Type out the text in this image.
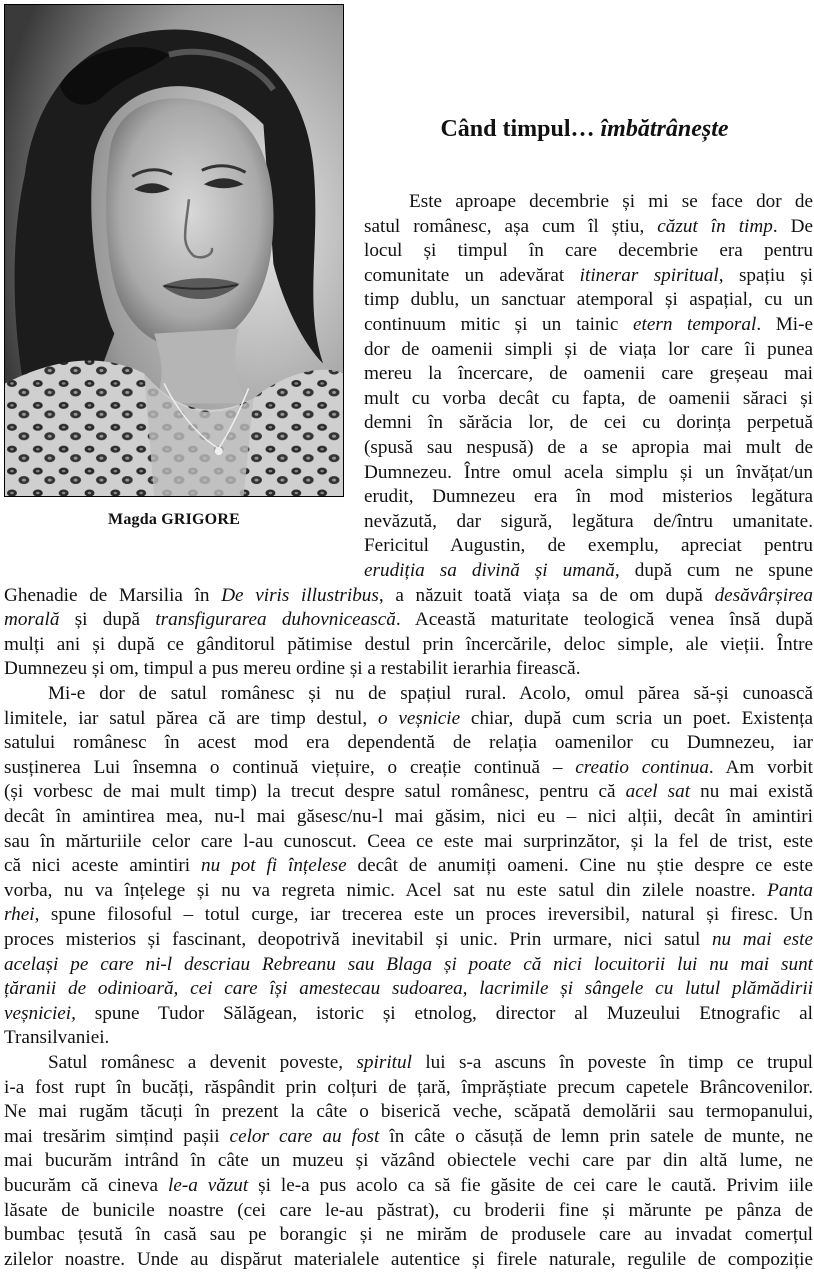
Magda GRIGORE
Când timpul… îmbătrânește
Este aproape decembrie și mi se face dor de
satul românesc, așa cum îl știu, căzut în timp. De
locul și timpul în care decembrie era pentru
comunitate un adevărat itinerar spiritual, spațiu și
timp dublu, un sanctuar atemporal și aspațial, cu un
continuum mitic și un tainic etern temporal. Mi-e
dor de oamenii simpli și de viața lor care îi punea
mereu la încercare, de oamenii care greșeau mai
mult cu vorba decât cu fapta, de oamenii săraci și
demni în sărăcia lor, de cei cu dorința perpetuă
(spusă sau nespusă) de a se apropia mai mult de
Dumnezeu. Între omul acela simplu și un învățat/un
erudit, Dumnezeu era în mod misterios legătura
nevăzută, dar sigură, legătura de/întru umanitate.
Fericitul Augustin, de exemplu, apreciat pentru
erudiția sa divină și umană, după cum ne spune
Ghenadie de Marsilia în De viris illustribus, a năzuit toată viața sa de om după desăvârșirea
morală și după transfigurarea duhovnicească. Această maturitate teologică venea însă după
mulți ani și după ce gânditorul pătimise destul prin încercările, deloc simple, ale vieții. Între
Dumnezeu și om, timpul a pus mereu ordine și a restabilit ierarhia firească.
Mi-e dor de satul românesc și nu de spațiul rural. Acolo, omul părea să-și cunoască
limitele, iar satul părea că are timp destul, o veșnicie chiar, după cum scria un poet. Existența
satului românesc în acest mod era dependentă de relația oamenilor cu Dumnezeu, iar
susținerea Lui însemna o continuă viețuire, o creație continuă – creatio continua. Am vorbit
(și vorbesc de mai mult timp) la trecut despre satul românesc, pentru că acel sat nu mai există
decât în amintirea mea, nu-l mai găsesc/nu-l mai găsim, nici eu – nici alții, decât în amintiri
sau în mărturiile celor care l-au cunoscut. Ceea ce este mai surprinzător, și la fel de trist, este
că nici aceste amintiri nu pot fi înțelese decât de anumiți oameni. Cine nu știe despre ce este
vorba, nu va înțelege și nu va regreta nimic. Acel sat nu este satul din zilele noastre. Panta
rhei, spune filosoful – totul curge, iar trecerea este un proces ireversibil, natural și firesc. Un
proces misterios și fascinant, deopotrivă inevitabil și unic. Prin urmare, nici satul nu mai este
același pe care ni-l descriau Rebreanu sau Blaga și poate că nici locuitorii lui nu mai sunt
țăranii de odinioară, cei care își amestecau sudoarea, lacrimile și sângele cu lutul plămădirii
veșniciei, spune Tudor Sălăgean, istoric și etnolog, director al Muzeului Etnografic al
Transilvaniei.
Satul românesc a devenit poveste, spiritul lui s-a ascuns în poveste în timp ce trupul
i-a fost rupt în bucăți, răspândit prin colțuri de țară, împrăștiate precum capetele Brâncovenilor.
Ne mai rugăm tăcuți în prezent la câte o biserică veche, scăpată demolării sau termopanului,
mai tresărim simțind pașii celor care au fost în câte o căsuță de lemn prin satele de munte, ne
mai bucurăm intrând în câte un muzeu și văzând obiectele vechi care par din altă lume, ne
bucurăm că cineva le-a văzut și le-a pus acolo ca să fie găsite de cei care le caută. Privim iile
lăsate de bunicile noastre (cei care le-au păstrat), cu broderii fine și mărunte pe pânza de
bumbac țesută în casă sau pe borangic și ne mirăm de produsele care au invadat comerțul
zilelor noastre. Unde au dispărut materialele autentice și firele naturale, regulile de compoziție
